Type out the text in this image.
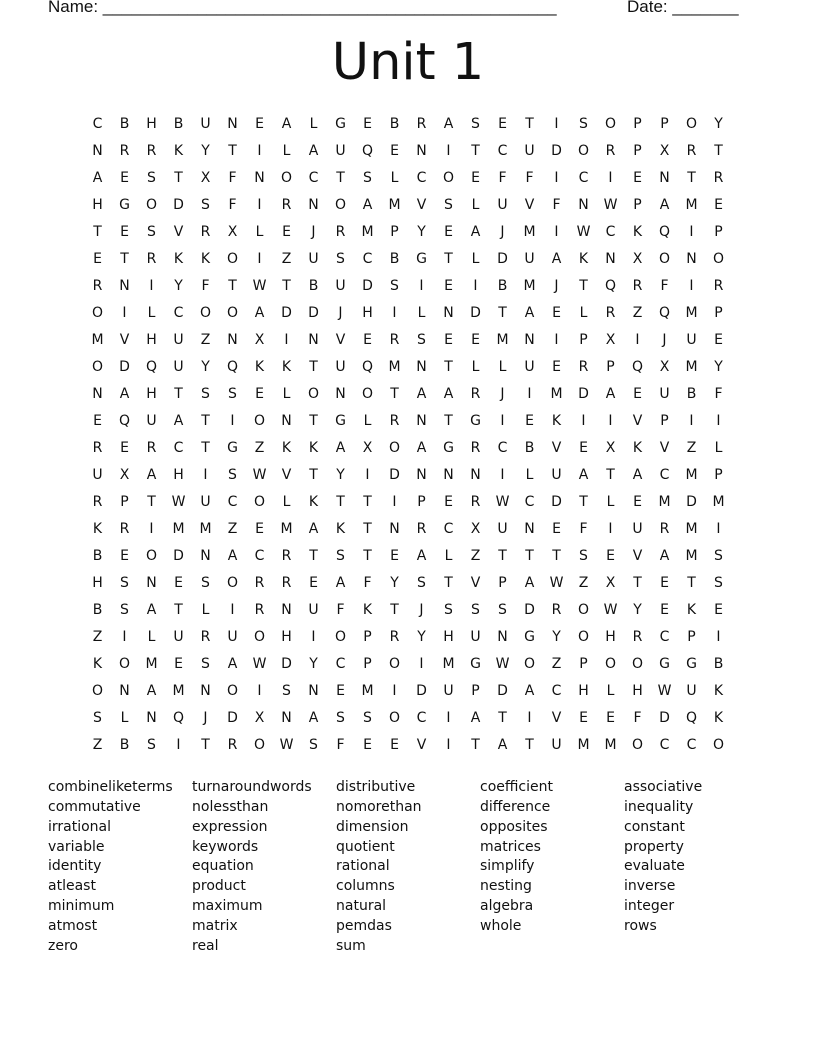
Name: ________________________________________________	Date: _______
Unit 1
C	B	H	B	U	N	E	A	L	G	E	B	R	A	S	E	T	I	S	O	P	P	O	Y
N	R	R	K	Y	T	I	L	A	U	Q	E	N	I	T	C	U	D	O	R	P	X	R	T
A	E	S	T	X	F	N	O	C	T	S	L	C	O	E	F	F	I	C	I	E	N	T	R
H	G	O	D	S	F	I	R	N	O	A	M	V	S	L	U	V	F	N	W	P	A	M	E
T	E	S	V	R	X	L	E	J	R	M	P	Y	E	A	J	M	I	W	C	K	Q	I	P
E	T	R	K	K	O	I	Z	U	S	C	B	G	T	L	D	U	A	K	N	X	O	N	O
R	N	I	Y	F	T	W	T	B	U	D	S	I	E	I	B	M	J	T	Q	R	F	I	R
O	I	L	C	O	O	A	D	D	J	H	I	L	N	D	T	A	E	L	R	Z	Q	M	P
M	V	H	U	Z	N	X	I	N	V	E	R	S	E	E	M	N	I	P	X	I	J	U	E
O	D	Q	U	Y	Q	K	K	T	U	Q	M	N	T	L	L	U	E	R	P	Q	X	M	Y
N	A	H	T	S	S	E	L	O	N	O	T	A	A	R	J	I	M	D	A	E	U	B	F
E	Q	U	A	T	I	O	N	T	G	L	R	N	T	G	I	E	K	I	I	V	P	I	I
R	E	R	C	T	G	Z	K	K	A	X	O	A	G	R	C	B	V	E	X	K	V	Z	L
U	X	A	H	I	S	W	V	T	Y	I	D	N	N	N	I	L	U	A	T	A	C	M	P
R	P	T	W	U	C	O	L	K	T	T	I	P	E	R	W	C	D	T	L	E	M	D	M
K	R	I	M	M	Z	E	M	A	K	T	N	R	C	X	U	N	E	F	I	U	R	M	I
B	E	O	D	N	A	C	R	T	S	T	E	A	L	Z	T	T	T	S	E	V	A	M	S
H	S	N	E	S	O	R	R	E	A	F	Y	S	T	V	P	A	W	Z	X	T	E	T	S
B	S	A	T	L	I	R	N	U	F	K	T	J	S	S	S	D	R	O	W	Y	E	K	E
Z	I	L	U	R	U	O	H	I	O	P	R	Y	H	U	N	G	Y	O	H	R	C	P	I
K	O	M	E	S	A	W	D	Y	C	P	O	I	M	G	W	O	Z	P	O	O	G	G	B
O	N	A	M	N	O	I	S	N	E	M	I	D	U	P	D	A	C	H	L	H	W	U	K
S	L	N	Q	J	D	X	N	A	S	S	O	C	I	A	T	I	V	E	E	F	D	Q	K
Z	B	S	I	T	R	O	W	S	F	E	E	V	I	T	A	T	U	M	M	O	C	C	O
combineliketerms
commutative
irrational
variable
identity
atleast
minimum
atmost
zero
turnaroundwords
nolessthan
expression
keywords
equation
product
maximum
matrix
real
distributive
nomorethan
dimension
quotient
rational
columns
natural
pemdas
sum
coefficient
difference
opposites
matrices
simplify
nesting
algebra
whole
associative
inequality
constant
property
evaluate
inverse
integer
rows
